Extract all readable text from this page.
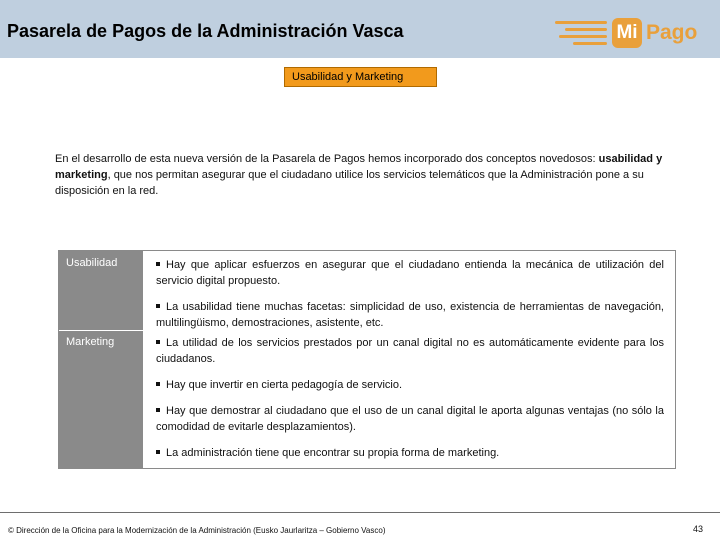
Pasarela de Pagos de la Administración Vasca	Mi Pago
Usabilidad y Marketing

En el desarrollo de esta nueva versión de la Pasarela de Pagos hemos incorporado dos conceptos novedosos: usabilidad y marketing, que nos permitan asegurar que el ciudadano utilice los servicios telemáticos que la Administración pone a su disposición en la red.

Usabilidad
Marketing
Hay que aplicar esfuerzos en asegurar que el ciudadano entienda la mecánica de utilización del servicio digital propuesto.
La usabilidad tiene muchas facetas: simplicidad de uso, existencia de herramientas de navegación, multilingüismo, demostraciones, asistente, etc.
La utilidad de los servicios prestados por un canal digital no es automáticamente evidente para los ciudadanos.
Hay que invertir en cierta pedagogía de servicio.
Hay que demostrar al ciudadano que el uso de un canal digital le aporta algunas ventajas (no sólo la comodidad de evitarle desplazamientos).
La administración tiene que encontrar su propia forma de marketing.
© Dirección de la Oficina para la Modernización de la Administración (Eusko Jaurlaritza – Gobierno Vasco)	43
